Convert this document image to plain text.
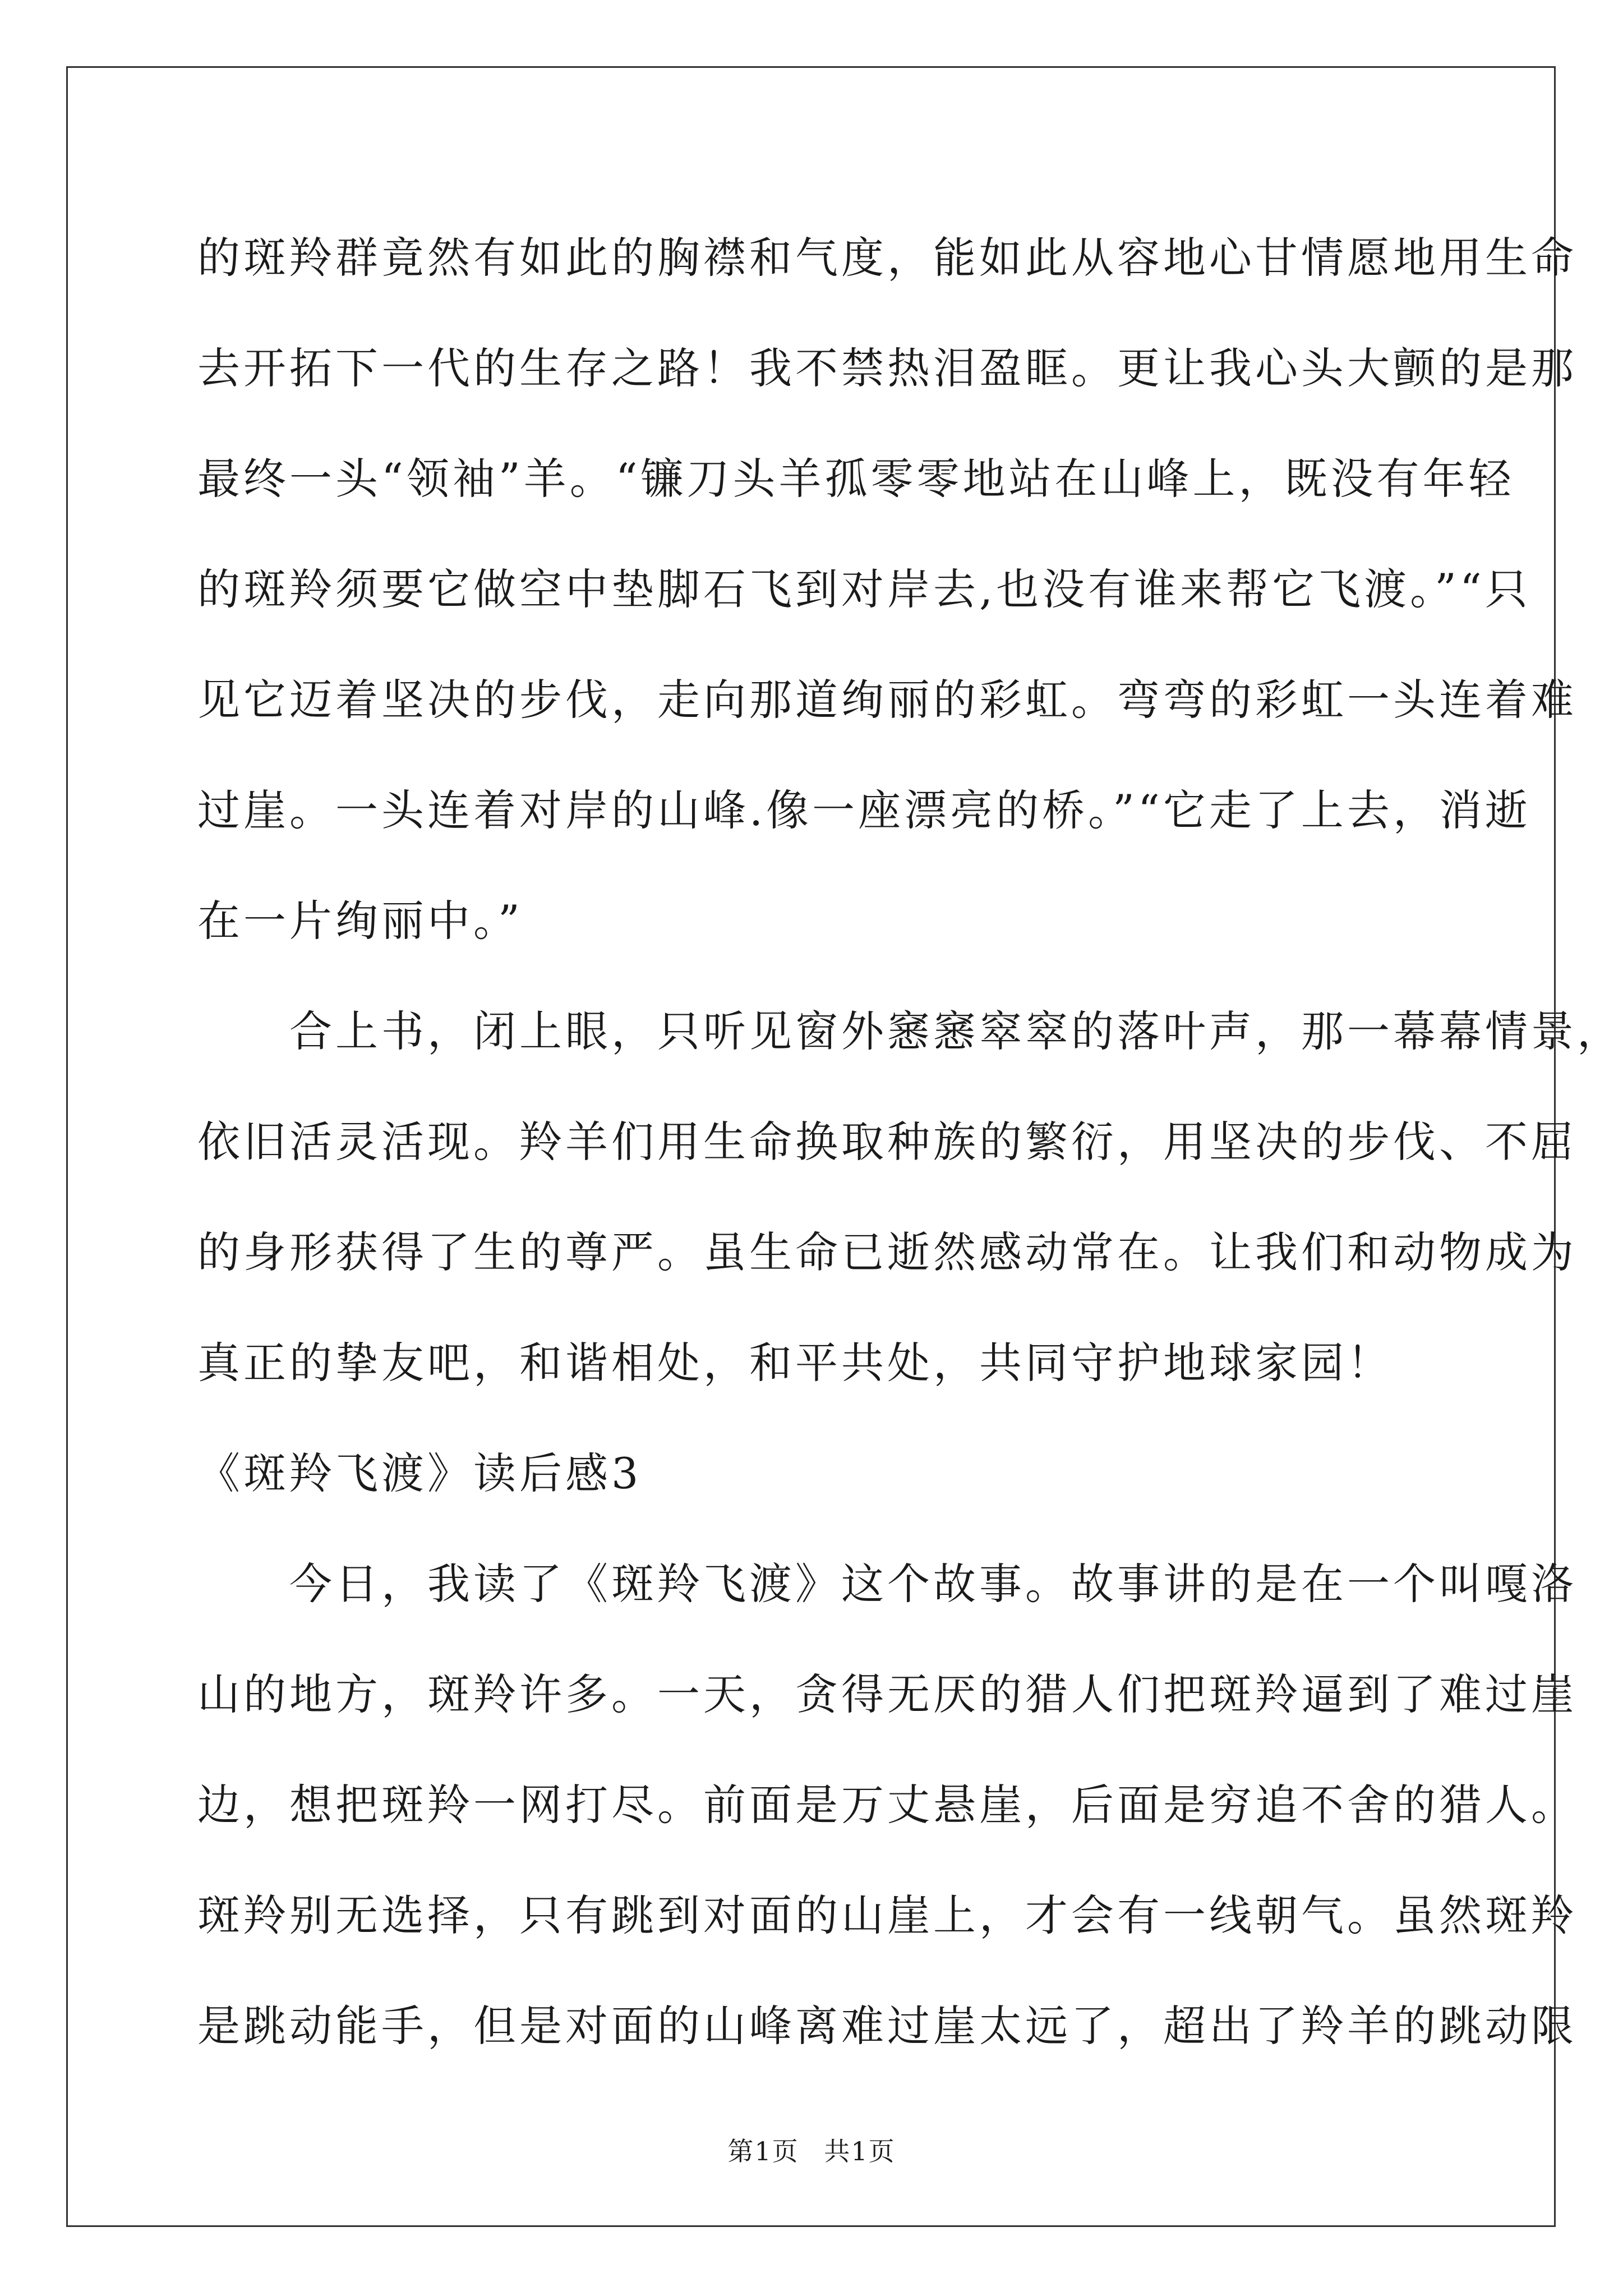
的斑羚群竟然有如此的胸襟和气度，能如此从容地心甘情愿地用生命
去开拓下一代的生存之路！我不禁热泪盈眶。更让我心头大颤的是那
最终一头“领袖”羊。“镰刀头羊孤零零地站在山峰上，既没有年轻
的斑羚须要它做空中垫脚石飞到对岸去,也没有谁来帮它飞渡。”“只
见它迈着坚决的步伐，走向那道绚丽的彩虹。弯弯的彩虹一头连着难
过崖。一头连着对岸的山峰.像一座漂亮的桥。”“它走了上去，消逝
在一片绚丽中。”
　　合上书，闭上眼，只听见窗外窸窸窣窣的落叶声，那一幕幕情景，
依旧活灵活现。羚羊们用生命换取种族的繁衍，用坚决的步伐、不屈
的身形获得了生的尊严。虽生命已逝然感动常在。让我们和动物成为
真正的挚友吧，和谐相处，和平共处，共同守护地球家园！
《斑羚飞渡》读后感3
　　今日，我读了《斑羚飞渡》这个故事。故事讲的是在一个叫嘎洛
山的地方，斑羚许多。一天，贪得无厌的猎人们把斑羚逼到了难过崖
边，想把斑羚一网打尽。前面是万丈悬崖，后面是穷追不舍的猎人。
斑羚别无选择，只有跳到对面的山崖上，才会有一线朝气。虽然斑羚
是跳动能手，但是对面的山峰离难过崖太远了，超出了羚羊的跳动限
第1页 共1页
